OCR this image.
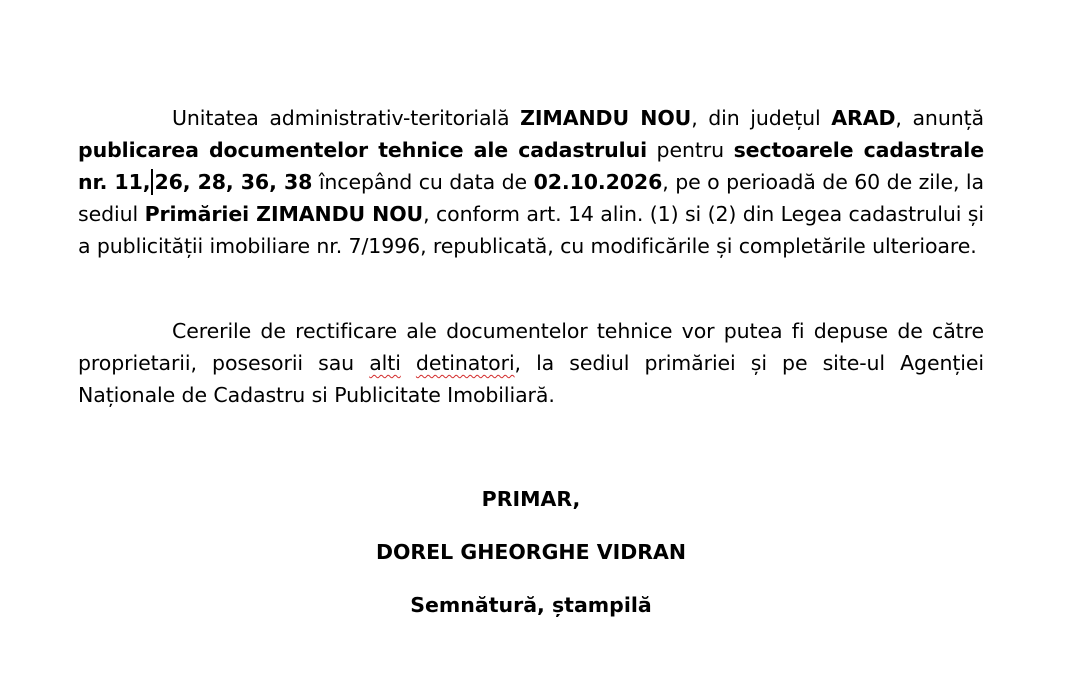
Unitatea administrativ-teritorială ZIMANDU NOU, din județul ARAD, anunță publicarea documentelor tehnice ale cadastrului pentru sectoarele cadastrale nr. 11, 26, 28, 36, 38 începând cu data de 02.10.2026, pe o perioadă de 60 de zile, la sediul Primăriei ZIMANDU NOU, conform art. 14 alin. (1) si (2) din Legea cadastrului și a publicității imobiliare nr. 7/1996, republicată, cu modificările și completările ulterioare.

Cererile de rectificare ale documentelor tehnice vor putea fi depuse de către proprietarii, posesorii sau alti detinatori, la sediul primăriei și pe site-ul Agenției Naționale de Cadastru si Publicitate Imobiliară.

PRIMAR,

DOREL GHEORGHE VIDRAN

Semnătură, ștampilă
